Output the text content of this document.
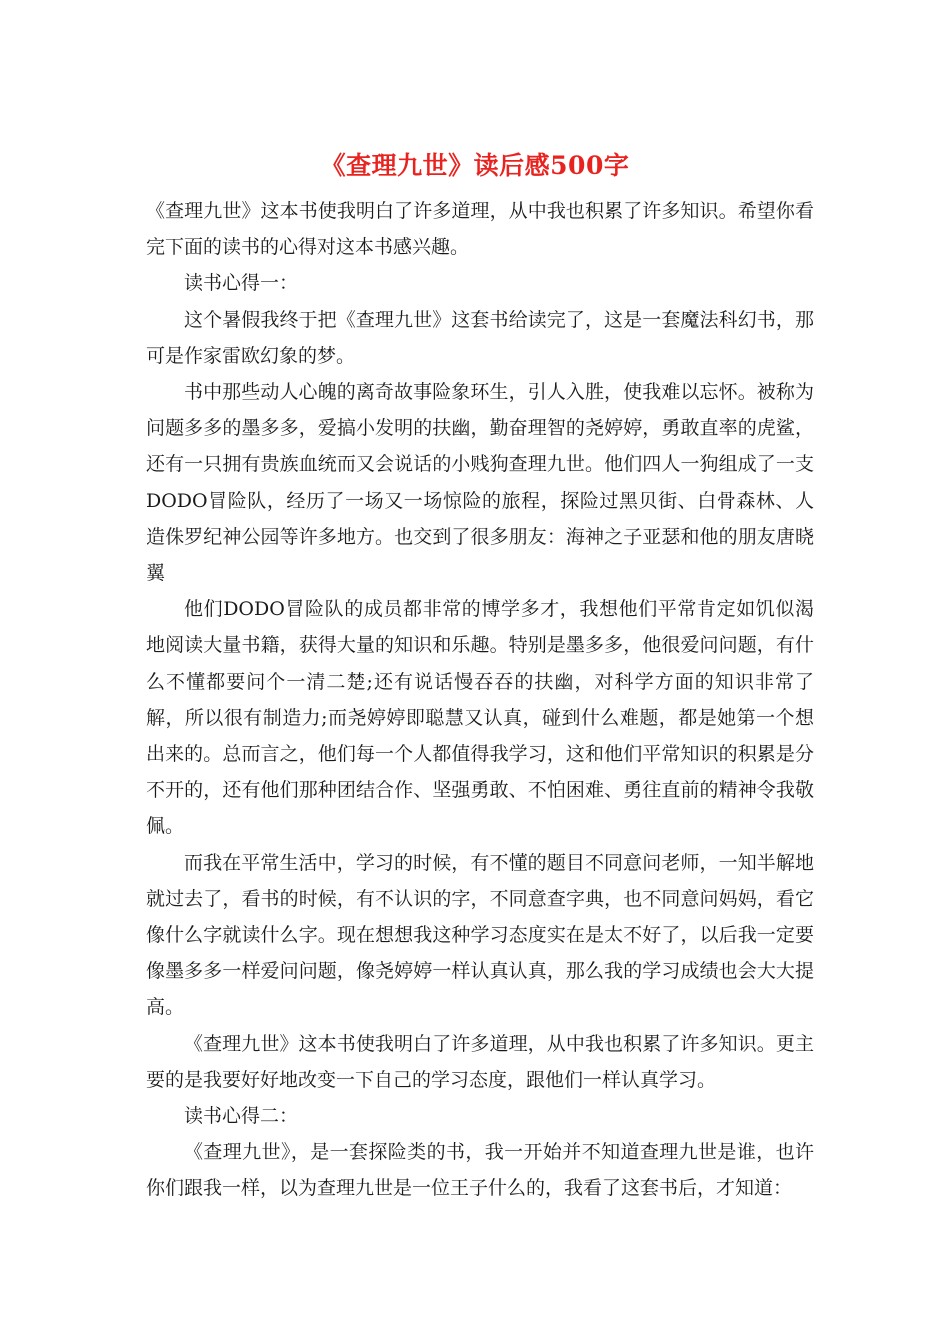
《查理九世》读后感500字

《查理九世》这本书使我明白了许多道理，从中我也积累了许多知识。希望你看完下面的读书的心得对这本书感兴趣。

读书心得一：

这个暑假我终于把《查理九世》这套书给读完了，这是一套魔法科幻书，那可是作家雷欧幻象的梦。

书中那些动人心魄的离奇故事险象环生，引人入胜，使我难以忘怀。被称为问题多多的墨多多，爱搞小发明的扶幽，勤奋理智的尧婷婷，勇敢直率的虎鲨，还有一只拥有贵族血统而又会说话的小贱狗查理九世。他们四人一狗组成了一支DODO冒险队，经历了一场又一场惊险的旅程，探险过黑贝街、白骨森林、人造侏罗纪神公园等许多地方。也交到了很多朋友：海神之子亚瑟和他的朋友唐晓翼

他们DODO冒险队的成员都非常的博学多才，我想他们平常肯定如饥似渴地阅读大量书籍，获得大量的知识和乐趣。特别是墨多多，他很爱问问题，有什么不懂都要问个一清二楚;还有说话慢吞吞的扶幽，对科学方面的知识非常了解，所以很有制造力;而尧婷婷即聪慧又认真，碰到什么难题，都是她第一个想出来的。总而言之，他们每一个人都值得我学习，这和他们平常知识的积累是分不开的，还有他们那种团结合作、坚强勇敢、不怕困难、勇往直前的精神令我敬佩。

而我在平常生活中，学习的时候，有不懂的题目不同意问老师，一知半解地就过去了，看书的时候，有不认识的字，不同意查字典，也不同意问妈妈，看它像什么字就读什么字。现在想想我这种学习态度实在是太不好了，以后我一定要像墨多多一样爱问问题，像尧婷婷一样认真认真，那么我的学习成绩也会大大提高。

《查理九世》这本书使我明白了许多道理，从中我也积累了许多知识。更主要的是我要好好地改变一下自己的学习态度，跟他们一样认真学习。

读书心得二：

《查理九世》，是一套探险类的书，我一开始并不知道查理九世是谁，也许你们跟我一样，以为查理九世是一位王子什么的，我看了这套书后，才知道：
